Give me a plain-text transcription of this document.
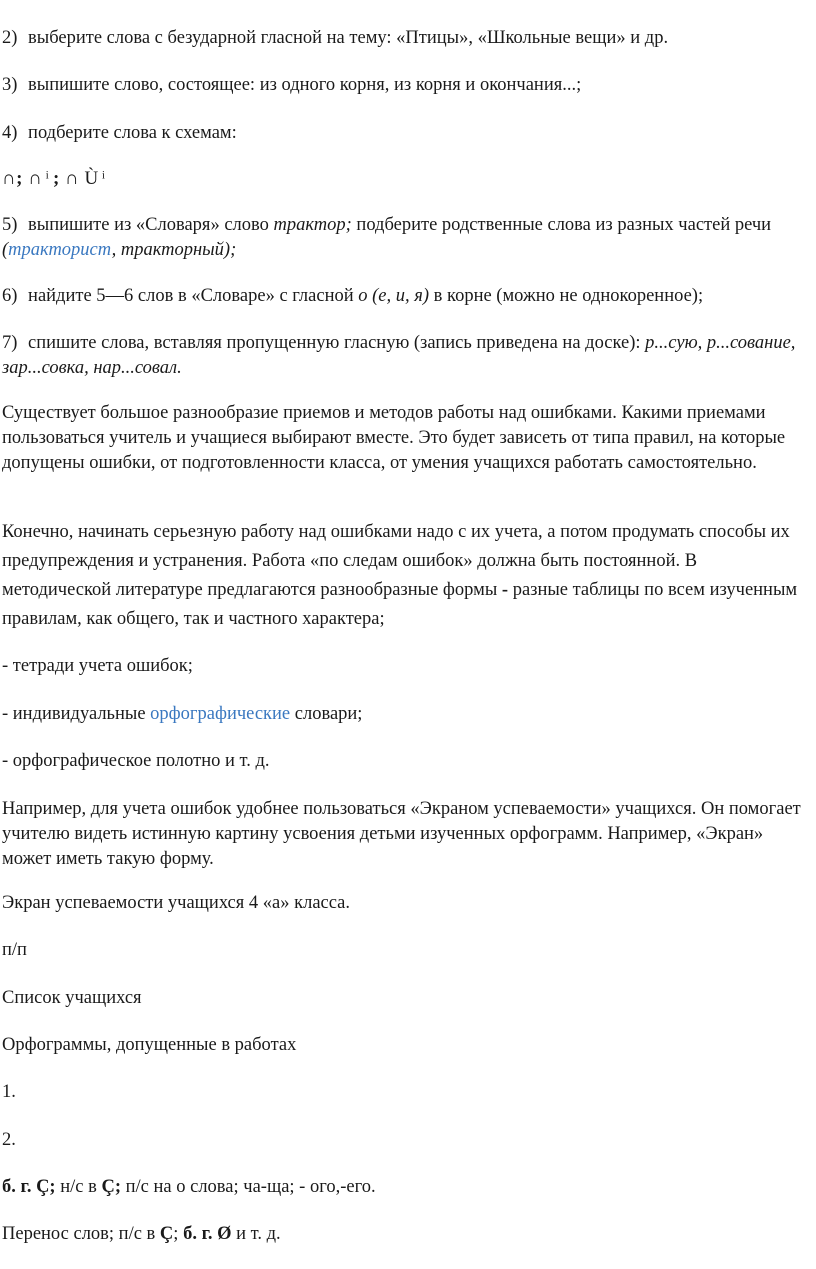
2) выберите слова с безударной гласной на тему: «Птицы», «Школьные вещи» и др.

3) выпишите слово, состоящее: из одного корня, из корня и окончания...;

4) подберите слова к схемам:

∩; ∩ ͥ ; ∩ Ù ͥ

5) выпишите из «Словаря» слово трактор; подберите родственные слова из разных частей речи (тракторист, тракторный);

6) найдите 5—6 слов в «Словаре» с гласной о (е, и, я) в корне (можно не однокоренное);

7) спишите слова, вставляя пропущенную гласную (запись приведена на доске): р...сую, р...сование, зар...совка, нар...совал.

Существует большое разнообразие приемов и методов работы над ошибками. Какими приемами пользоваться учитель и учащиеся выбирают вместе. Это будет зависеть от типа правил, на которые допущены ошибки, от подготовленности класса, от умения учащихся работать самостоятельно.

Конечно, начинать серьезную работу над ошибками надо с их учета, а потом продумать способы их предупреждения и устранения. Работа «по следам ошибок» должна быть постоянной. В методической литературе предлагаются разнообразные формы - разные таблицы по всем изученным правилам, как общего, так и частного характера;

- тетради учета ошибок;

- индивидуальные орфографические словари;

- орфографическое полотно и т. д.

Например, для учета ошибок удобнее пользоваться «Экраном успеваемости» учащихся. Он помогает учителю видеть истинную картину усвоения детьми изученных орфограмм. Например, «Экран» может иметь такую форму.

Экран успеваемости учащихся 4 «а» класса.

п/п

Список учащихся

Орфограммы, допущенные в работах

1.

2.

б. г. Ç; н/с в Ç; п/с на о слова; ча-ща; - ого,-его.

Перенос слов; п/с в Ç; б. г. Ø и т. д.
